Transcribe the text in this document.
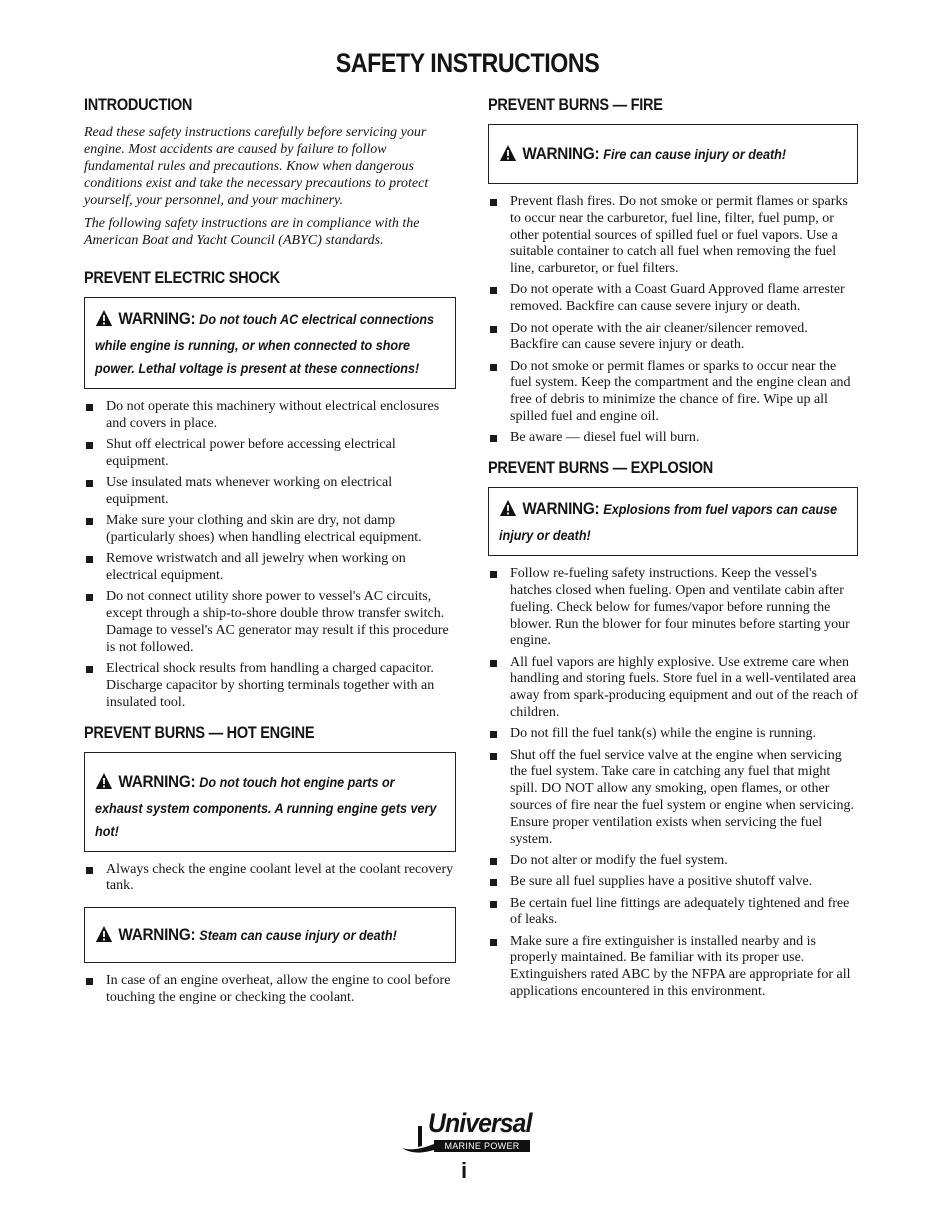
SAFETY INSTRUCTIONS
INTRODUCTION

Read these safety instructions carefully before servicing your engine. Most accidents are caused by failure to follow fundamental rules and precautions. Know when dangerous conditions exist and take the necessary precautions to protect yourself, your personnel, and your machinery.

The following safety instructions are in compliance with the American Boat and Yacht Council (ABYC) standards.

PREVENT ELECTRIC SHOCK
WARNING: Do not touch AC electrical connections while engine is running, or when connected to shore power. Lethal voltage is present at these connections!
Do not operate this machinery without electrical enclosures and covers in place.
Shut off electrical power before accessing electrical equipment.
Use insulated mats whenever working on electrical equipment.
Make sure your clothing and skin are dry, not damp (particularly shoes) when handling electrical equipment.
Remove wristwatch and all jewelry when working on electrical equipment.
Do not connect utility shore power to vessel's AC circuits, except through a ship-to-shore double throw transfer switch. Damage to vessel's AC generator may result if this procedure is not followed.
Electrical shock results from handling a charged capacitor. Discharge capacitor by shorting terminals together with an insulated tool.
PREVENT BURNS — HOT ENGINE
WARNING: Do not touch hot engine parts or exhaust system components. A running engine gets very hot!
Always check the engine coolant level at the coolant recovery tank.
WARNING: Steam can cause injury or death!
In case of an engine overheat, allow the engine to cool before touching the engine or checking the coolant.
PREVENT BURNS — FIRE
WARNING: Fire can cause injury or death!
Prevent flash fires. Do not smoke or permit flames or sparks to occur near the carburetor, fuel line, filter, fuel pump, or other potential sources of spilled fuel or fuel vapors. Use a suitable container to catch all fuel when removing the fuel line, carburetor, or fuel filters.
Do not operate with a Coast Guard Approved flame arrester removed. Backfire can cause severe injury or death.
Do not operate with the air cleaner/silencer removed. Backfire can cause severe injury or death.
Do not smoke or permit flames or sparks to occur near the fuel system. Keep the compartment and the engine clean and free of debris to minimize the chance of fire. Wipe up all spilled fuel and engine oil.
Be aware — diesel fuel will burn.
PREVENT BURNS — EXPLOSION
WARNING: Explosions from fuel vapors can cause injury or death!
Follow re-fueling safety instructions. Keep the vessel's hatches closed when fueling. Open and ventilate cabin after fueling. Check below for fumes/vapor before running the blower. Run the blower for four minutes before starting your engine.
All fuel vapors are highly explosive. Use extreme care when handling and storing fuels. Store fuel in a well-ventilated area away from spark-producing equipment and out of the reach of children.
Do not fill the fuel tank(s) while the engine is running.
Shut off the fuel service valve at the engine when servicing the fuel system. Take care in catching any fuel that might spill. DO NOT allow any smoking, open flames, or other sources of fire near the fuel system or engine when servicing. Ensure proper ventilation exists when servicing the fuel system.
Do not alter or modify the fuel system.
Be sure all fuel supplies have a positive shutoff valve.
Be certain fuel line fittings are adequately tightened and free of leaks.
Make sure a fire extinguisher is installed nearby and is properly maintained. Be familiar with its proper use. Extinguishers rated ABC by the NFPA are appropriate for all applications encountered in this environment.
Universal
MARINE POWER
i
